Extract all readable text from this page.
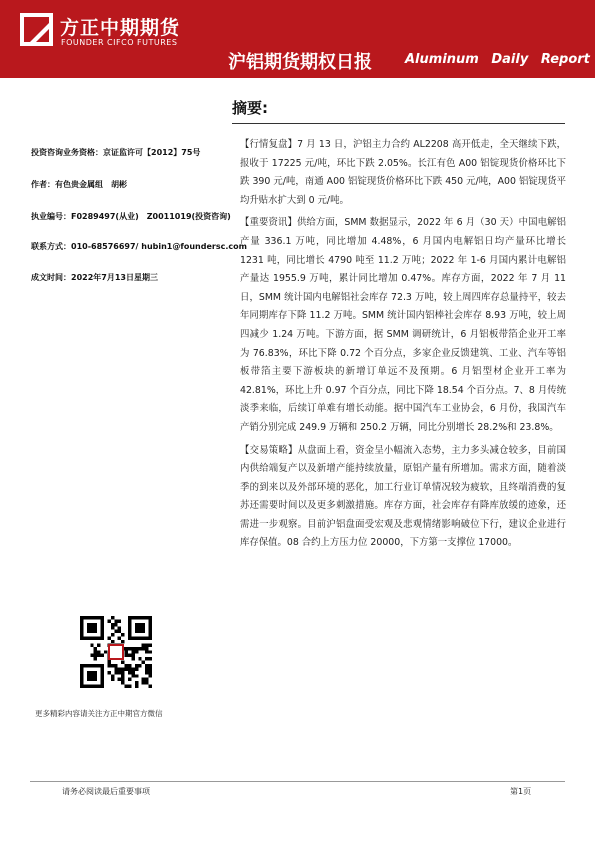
方正中期期货
FOUNDER CIFCO FUTURES
沪铝期货期权日报	Aluminum Daily Report
摘要:
投资咨询业务资格：京证监许可【2012】75号
作者：有色贵金属组　胡彬
执业编号：F0289497(从业)　Z0011019(投资咨询)
联系方式：010-68576697/ hubin1@foundersc.com
成文时间：2022年7月13日星期三

【行情复盘】7 月 13 日，沪铝主力合约 AL2208 高开低走，全天继续下跌，报收于 17225 元/吨，环比下跌 2.05%。长江有色 A00 铝锭现货价格环比下跌 390 元/吨，南通 A00 铝锭现货价格环比下跌 450 元/吨，A00 铝锭现货平均升贴水扩大到 0 元/吨。

【重要资讯】供给方面，SMM 数据显示，2022 年 6 月（30 天）中国电解铝产量 336.1 万吨，同比增加 4.48%，6 月国内电解铝日均产量环比增长 1231 吨，同比增长 4790 吨至 11.2 万吨；2022 年 1-6 月国内累计电解铝产量达 1955.9 万吨，累计同比增加 0.47%。库存方面，2022 年 7 月 11 日，SMM 统计国内电解铝社会库存 72.3 万吨，较上周四库存总量持平，较去年同期库存下降 11.2 万吨。SMM 统计国内铝棒社会库存 8.93 万吨，较上周四减少 1.24 万吨。下游方面，据 SMM 调研统计，6 月铝板带箔企业开工率为 76.83%，环比下降 0.72 个百分点，多家企业反馈建筑、工业、汽车等铝板带箔主要下游板块的新增订单远不及预期。6 月铝型材企业开工率为 42.81%，环比上升 0.97 个百分点，同比下降 18.54 个百分点。7、8 月传统淡季来临，后续订单难有增长动能。据中国汽车工业协会，6 月份，我国汽车产销分别完成 249.9 万辆和 250.2 万辆，同比分别增长 28.2%和 23.8%。

【交易策略】从盘面上看，资金呈小幅流入态势，主力多头减仓较多，目前国内供给端复产以及新增产能持续放量，原铝产量有所增加。需求方面，随着淡季的到来以及外部环境的恶化，加工行业订单情况较为疲软，且终端消费的复苏还需要时间以及更多刺激措施。库存方面，社会库存有降库放缓的迹象，还需进一步观察。目前沪铝盘面受宏观及悲观情绪影响破位下行，建议企业进行库存保值。08 合约上方压力位 20000，下方第一支撑位 17000。

更多精彩内容请关注方正中期官方微信
请务必阅读最后重要事项	第1页
